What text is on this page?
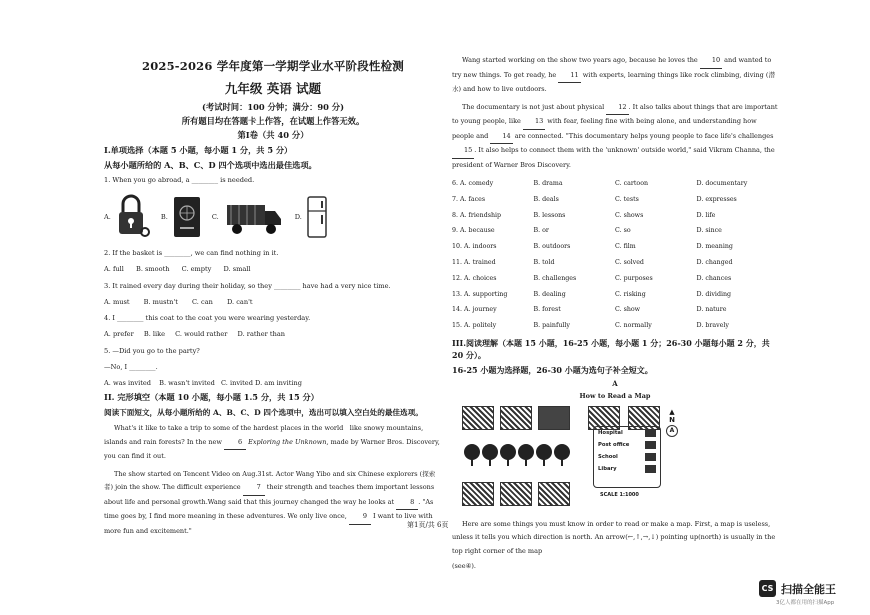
2025-2026 学年度第一学期学业水平阶段性检测
九年级 英语 试题
(考试时间：100 分钟；满分：90 分)
所有题目均在答题卡上作答，在试题上作答无效。
第Ⅰ卷（共 40 分）
I.单项选择（本题 5 小题，每小题 1 分，共 5 分）
从每小题所给的 A、B、C、D 四个选项中选出最佳选项。
1. When you go abroad, a ________ is needed.
A.	B.	C.	D.
2. If the basket is ________, we can find nothing in it.
A. full B. smooth C. empty D. small
3. It rained every day during their holiday, so they ________ have had a very nice time.
A. must B. mustn't C. can D. can't
4. I ________ this coat to the coat you were wearing yesterday.
A. prefer B. like C. would rather D. rather than
5. —Did you go to the party?
—No, I ________.
A. was invited B. wasn't invited C. invited D. am inviting
II. 完形填空（本题 10 小题，每小题 1.5 分，共 15 分）
阅读下面短文，从每小题所给的 A、B、C、D 四个选项中，选出可以填入空白处的最佳选项。

What's it like to take a trip to some of the hardest places in the world　like snowy mountains, islands and rain forests? In the new 6 Exploring the Unknown, made by Warner Bros. Discovery, you can find it out.

The show started on Tencent Video on Aug.31st. Actor Wang Yibo and six Chinese explorers (探索者) join the show. The difficult experience 7 their strength and teaches them important lessons about life and personal growth.Wang said that this journey changed the way he looks at 8 . "As time goes by, I find more meaning in these adventures. We only live once, 9 I want to live with more fun and excitement."

Wang started working on the show two years ago, because he loves the 10 and wanted to try new things. To get ready, he 11 with experts, learning things like rock climbing, diving (潜水) and how to live outdoors.

The documentary is not just about physical 12 . It also talks about things that are important to young people, like 13 with fear, feeling fine with being alone, and understanding how people and 14 are connected. "This documentary helps young people to face life's challenges 15 . It also helps to connect them with the 'unknown' outside world," said Vikram Channa, the president of Warner Bros Discovery.

6. A. comedy	B. drama	C. cartoon	D. documentary
7. A. faces	B. deals	C. tests	D. expresses
8. A. friendship	B. lessons	C. shows	D. life
9. A. because	B. or	C. so	D. since
10. A. indoors	B. outdoors	C. film	D. meaning
11. A. trained	B. told	C. solved	D. changed
12. A. choices	B. challenges	C. purposes	D. chances
13. A. supporting	B. dealing	C. risking	D. dividing
14. A. journey	B. forest	C. show	D. nature
15. A. politely	B. painfully	C. normally	D. bravely
III.阅读理解（本题 15 小题，16-25 小题，每小题 1 分；26-30 小题每小题 2 分，共 20 分）。
16-25 小题为选择题，26-30 小题为选句子补全短文。
A
How to Read a Map
▲
N
A
Hospital
Post office
School
Libary
SCALE 1:1000

Here are some things you must know in order to read or make a map. First, a map is useless, unless it tells you which direction is north. An arrow(←,↑,→,↓) pointing up(north) is usually in the top right corner of the map

(see④).

第1页/共 6页
CS 扫描全能王
3亿人都在用的扫描App
